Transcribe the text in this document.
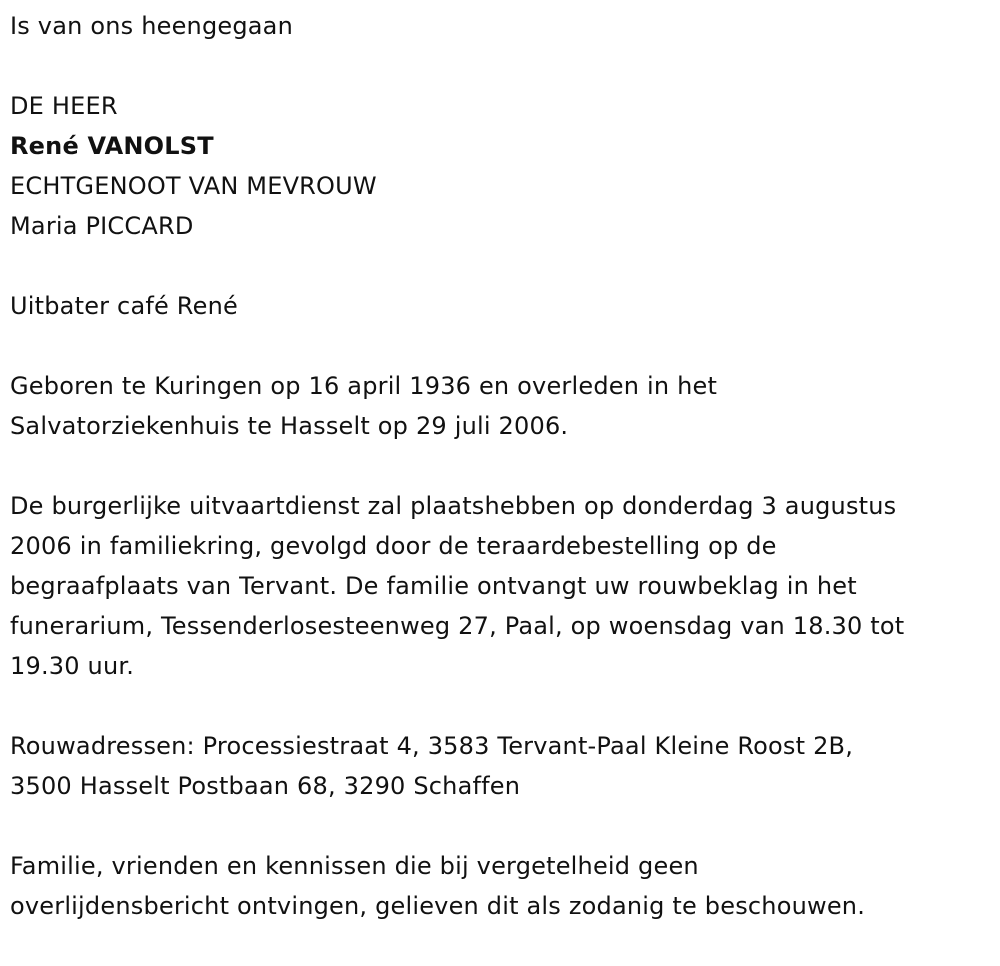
Is van ons heengegaan
DE HEER
René VANOLST
ECHTGENOOT VAN MEVROUW
Maria PICCARD
Uitbater café René
Geboren te Kuringen op 16 april 1936 en overleden in het
Salvatorziekenhuis te Hasselt op 29 juli 2006.
De burgerlijke uitvaartdienst zal plaatshebben op donderdag 3 augustus
2006 in familiekring, gevolgd door de teraardebestelling op de
begraafplaats van Tervant. De familie ontvangt uw rouwbeklag in het
funerarium, Tessenderlosesteenweg 27, Paal, op woensdag van 18.30 tot
19.30 uur.
Rouwadressen: Processiestraat 4, 3583 Tervant-Paal Kleine Roost 2B,
3500 Hasselt Postbaan 68, 3290 Schaffen
Familie, vrienden en kennissen die bij vergetelheid geen
overlijdensbericht ontvingen, gelieven dit als zodanig te beschouwen.
